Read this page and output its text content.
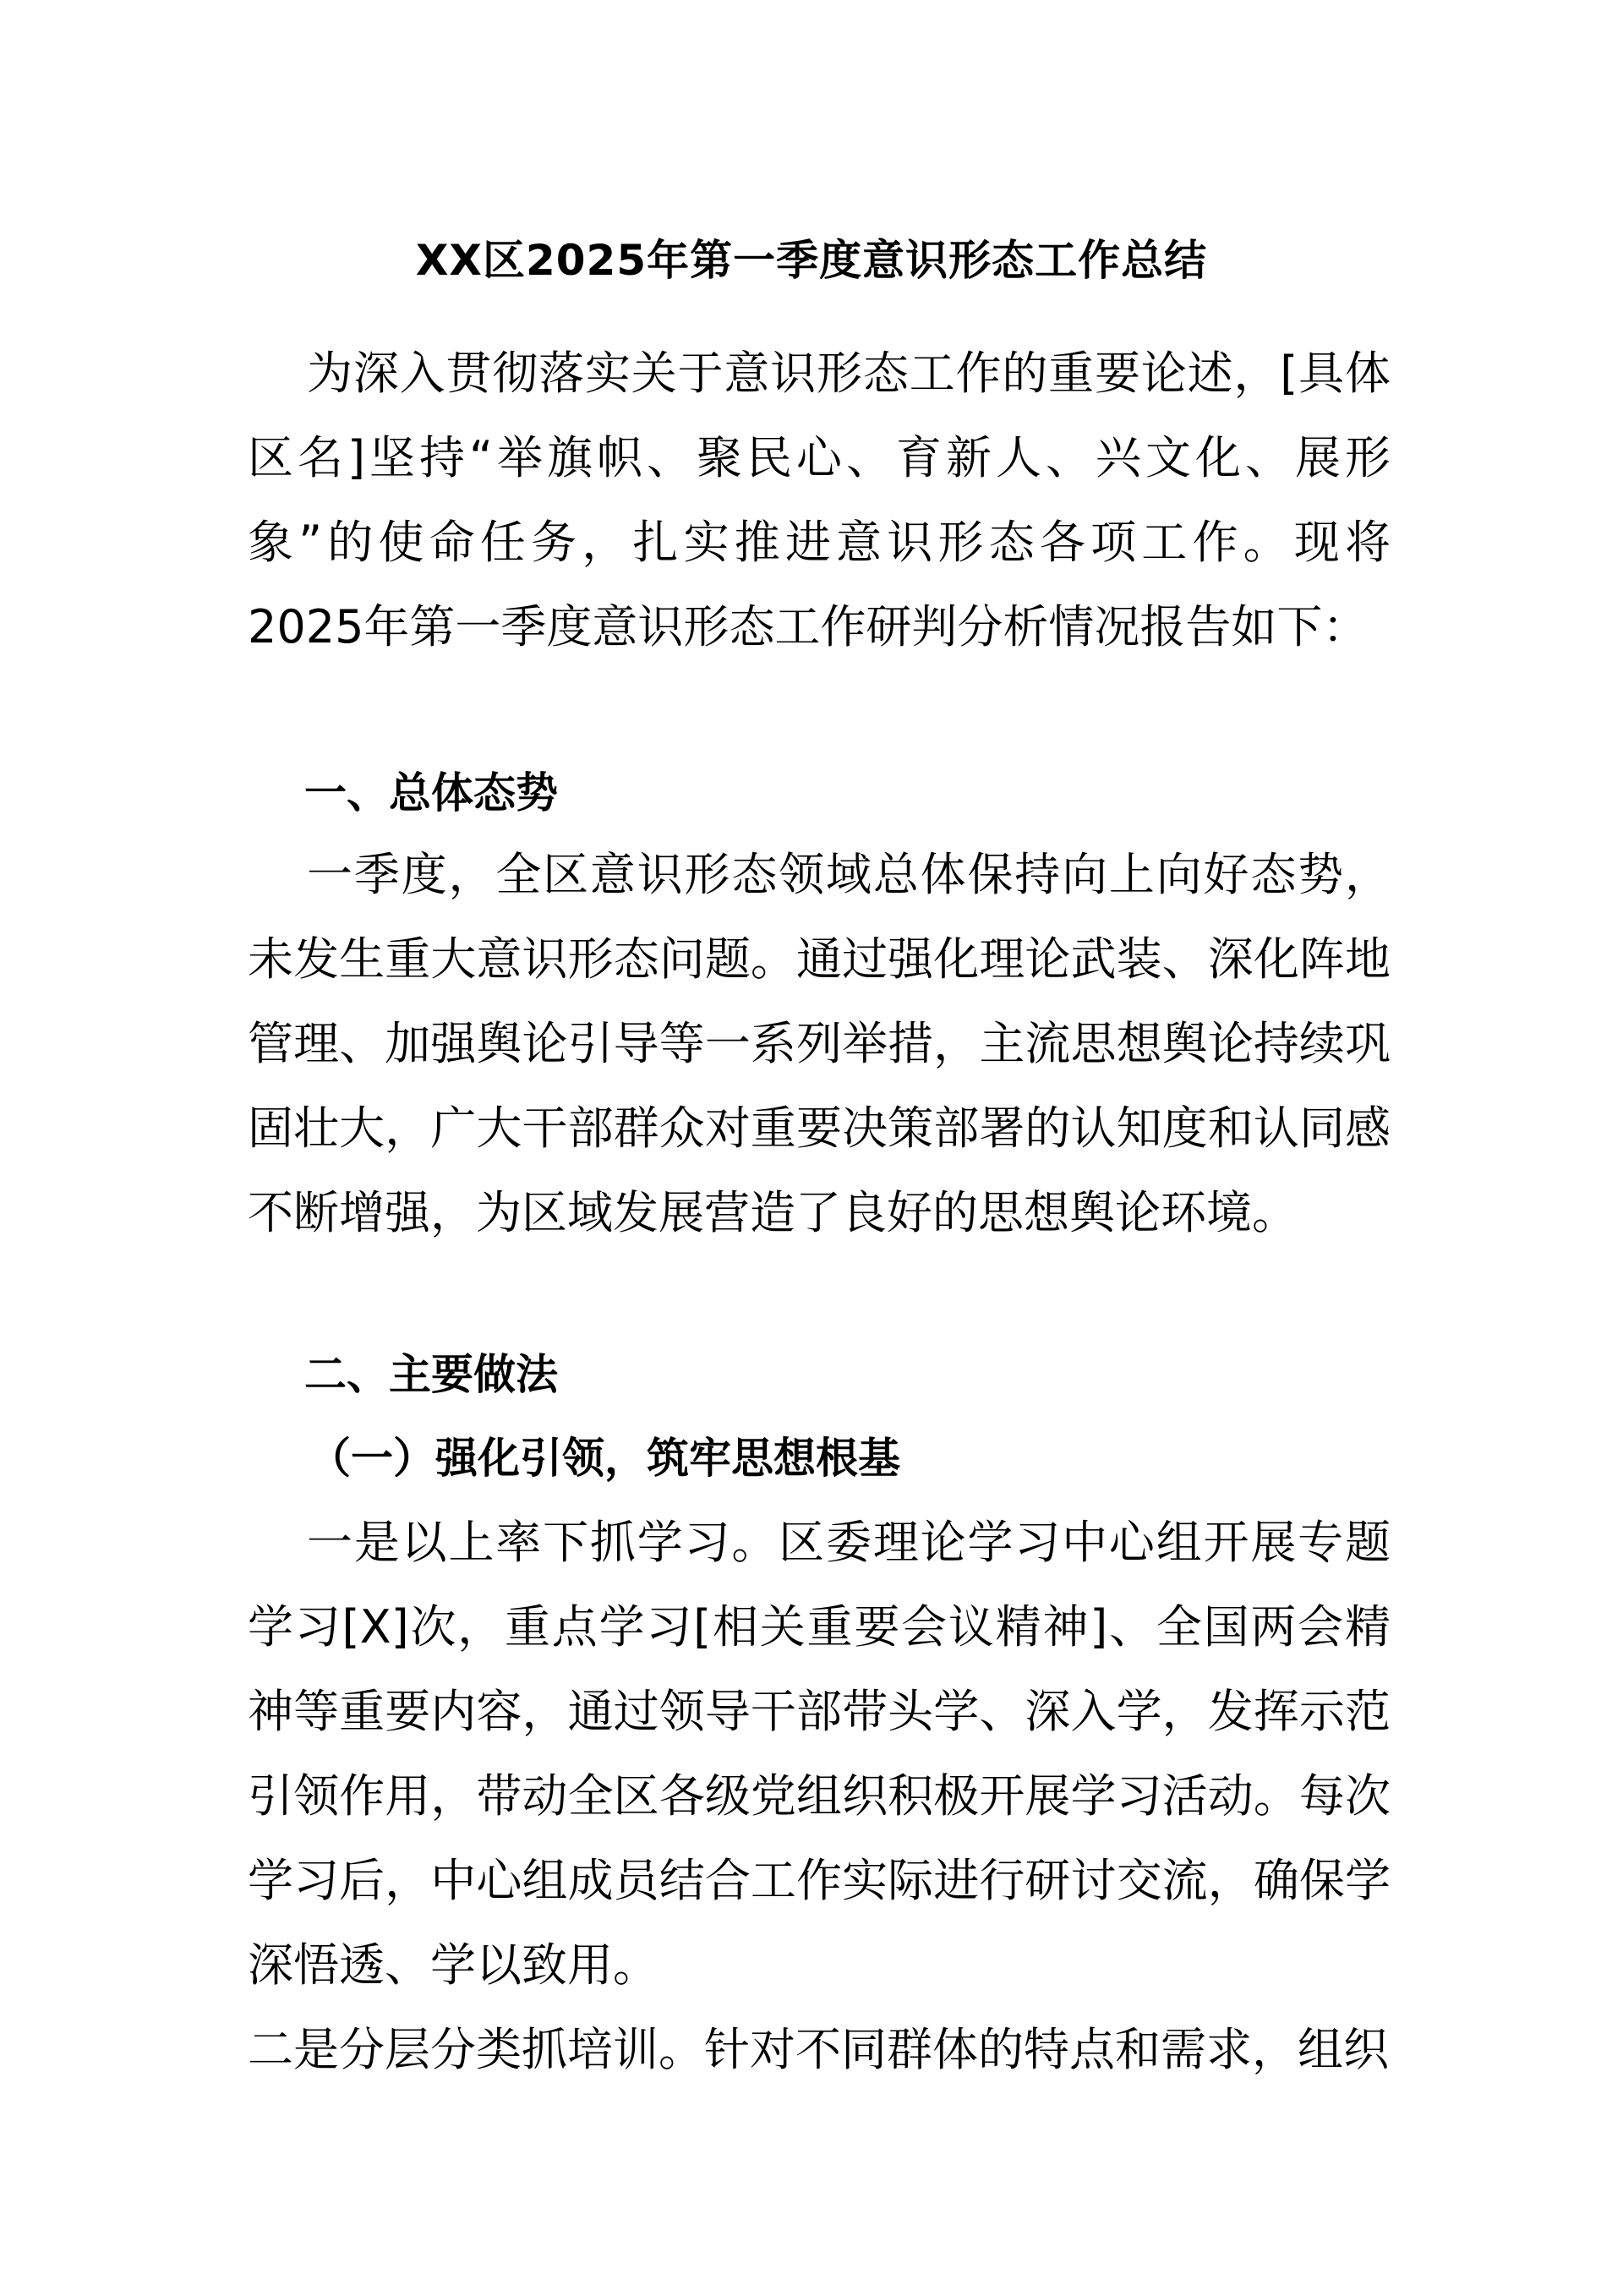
XX区2025年第一季度意识形态工作总结

为深入贯彻落实关于意识形态工作的重要论述，[具体区名]坚持“举旗帜、聚民心、育新人、兴文化、展形象”的使命任务，扎实推进意识形态各项工作。现将2025年第一季度意识形态工作研判分析情况报告如下：

一、总体态势

一季度，全区意识形态领域总体保持向上向好态势，未发生重大意识形态问题。通过强化理论武装、深化阵地管理、加强舆论引导等一系列举措，主流思想舆论持续巩固壮大，广大干部群众对重要决策部署的认知度和认同感不断增强，为区域发展营造了良好的思想舆论环境。

二、主要做法
（一）强化引领，筑牢思想根基

一是以上率下抓学习。区委理论学习中心组开展专题学习[X]次，重点学习[相关重要会议精神]、全国两会精神等重要内容，通过领导干部带头学、深入学，发挥示范引领作用，带动全区各级党组织积极开展学习活动。每次学习后，中心组成员结合工作实际进行研讨交流，确保学深悟透、学以致用。

二是分层分类抓培训。针对不同群体的特点和需求，组织
